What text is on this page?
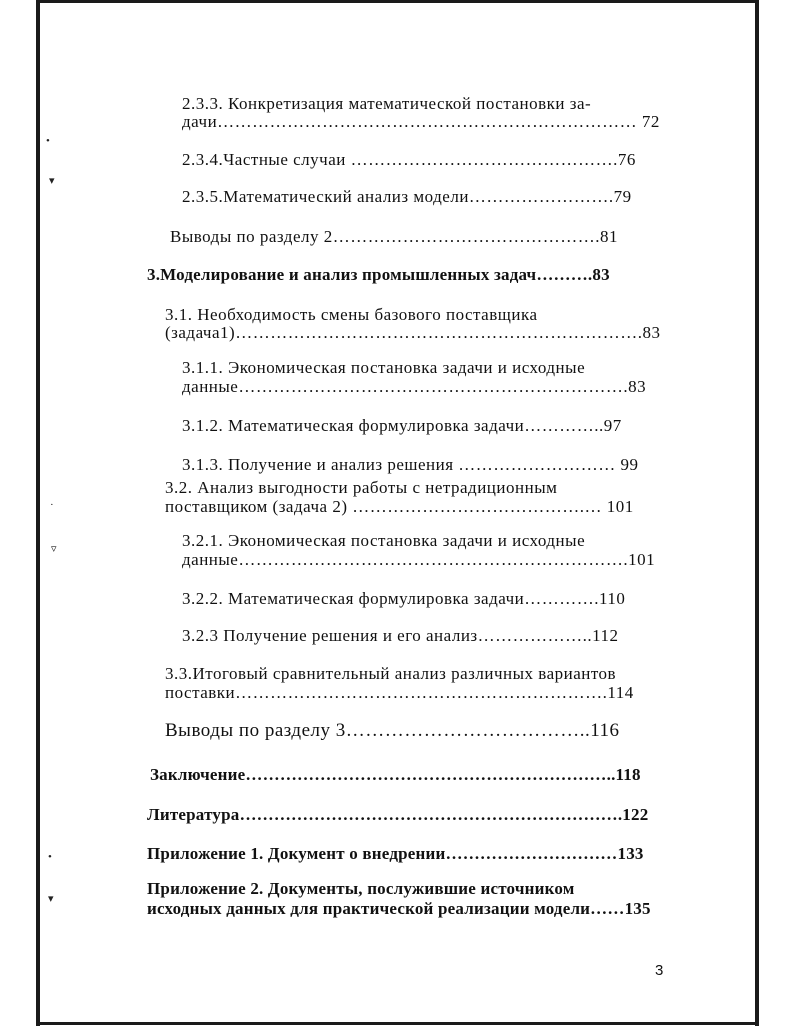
•
▾
·
▿
•
▾
2.3.3. Конкретизация математической постановки за-
дачи……………………………………………………………… 72
2.3.4.Частные случаи ……………………………………….76
2.3.5.Математический анализ модели…………………….79
Выводы по разделу 2……………………………………….81
3.Моделирование и анализ промышленных задач……….83
3.1. Необходимость смены базового поставщика
(задача1)…………………………………………………………….83
3.1.1. Экономическая постановка задачи и исходные
данные………………………………………………………….83
3.1.2. Математическая формулировка задачи…………..97
3.1.3. Получение и анализ решения ……………………… 99
3.2. Анализ выгодности работы с нетрадиционным
поставщиком (задача 2) ………………………………….… 101
3.2.1. Экономическая постановка задачи и исходные
данные………………………………………………………….101
3.2.2. Математическая формулировка задачи………….110
3.2.3 Получение решения и его анализ………………..112
3.3.Итоговый сравнительный анализ различных вариантов
поставки……………………………………………………….114
Выводы по разделу 3………………………………..116
Заключение………………………………………………………..118
Литература………………………………………………………….122
Приложение 1. Документ о внедрении…………………………133
Приложение 2. Документы, послужившие источником
исходных данных для практической реализации модели……135
3
